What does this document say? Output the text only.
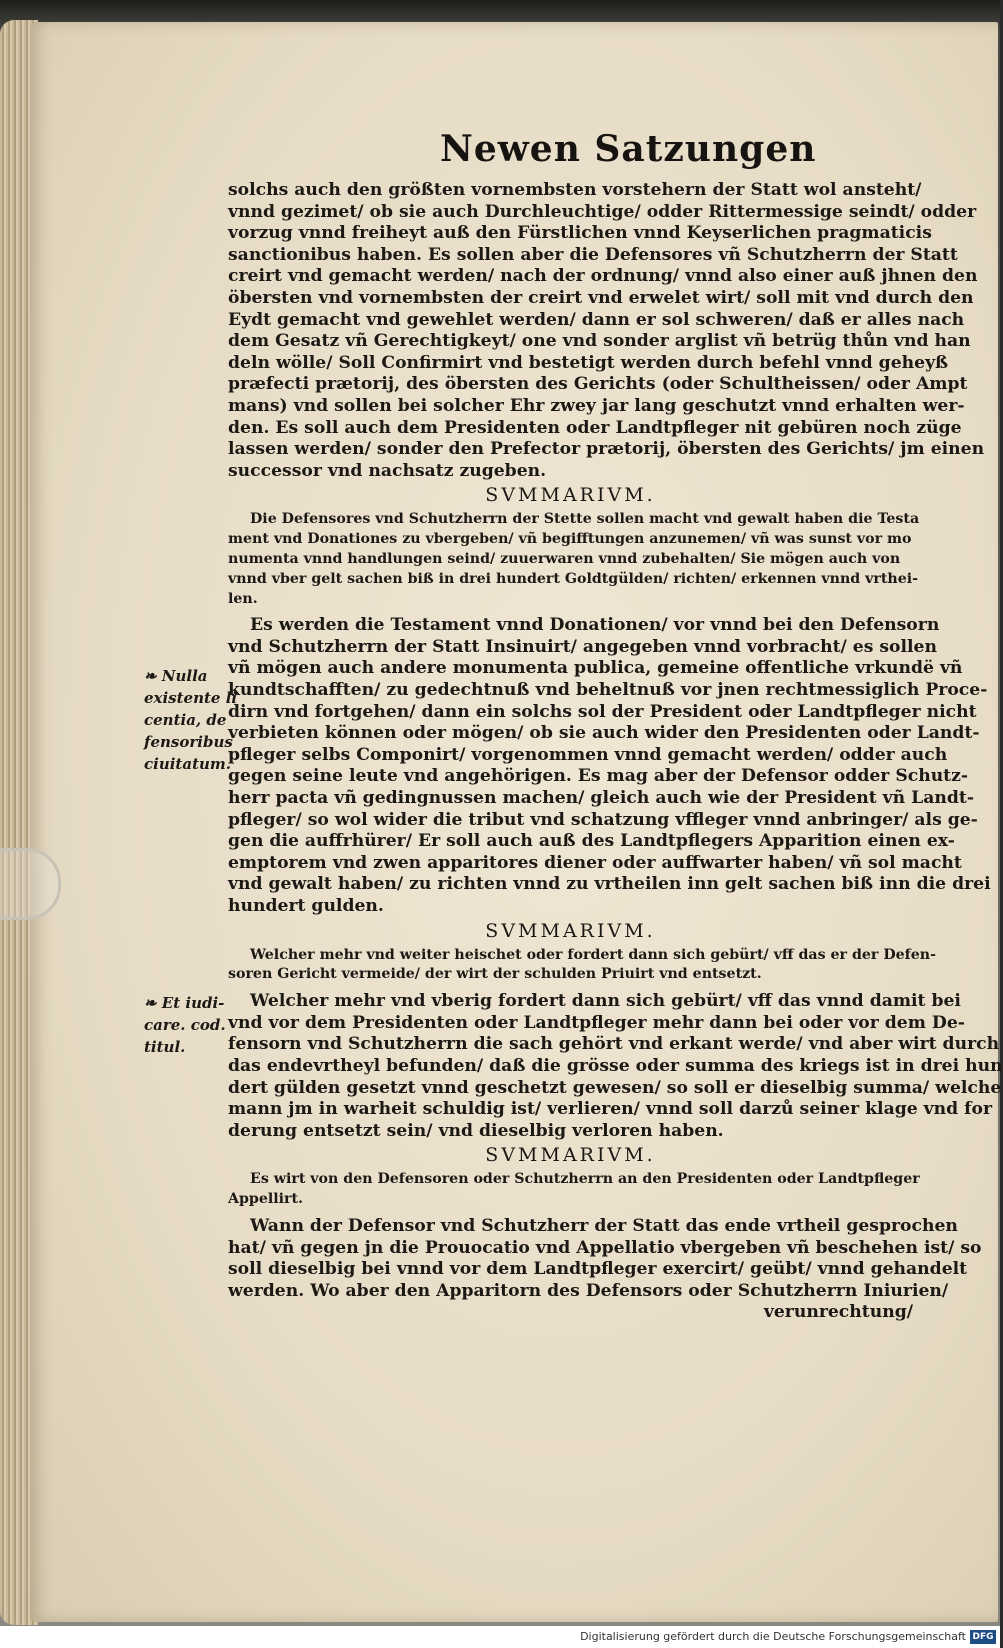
Newen Satzungen
solchs auch den größten vornembsten vorstehern der Statt wol ansteht/
vnnd gezimet/ ob sie auch Durchleuchtige/ odder Rittermessige seindt/ odder
vorzug vnnd freiheyt auß den Fürstlichen vnnd Keyserlichen pragmaticis
sanctionibus haben. Es sollen aber die Defensores vñ Schutzherrn der Statt
creirt vnd gemacht werden/ nach der ordnung/ vnnd also einer auß jhnen den
öbersten vnd vornembsten der creirt vnd erwelet wirt/ soll mit vnd durch den
Eydt gemacht vnd gewehlet werden/ dann er sol schweren/ daß er alles nach
dem Gesatz vñ Gerechtigkeyt/ one vnd sonder arglist vñ betrüg thůn vnd han
deln wölle/ Soll Confirmirt vnd bestetigt werden durch befehl vnnd geheyß
præfecti prætorij, des öbersten des Gerichts (oder Schultheissen/ oder Ampt
mans) vnd sollen bei solcher Ehr zwey jar lang geschutzt vnnd erhalten wer-
den. Es soll auch dem Presidenten oder Landtpfleger nit gebüren noch züge
lassen werden/ sonder den Prefector prætorij, öbersten des Gerichts/ jm einen
successor vnd nachsatz zugeben.
SVMMARIVM.
Die Defensores vnd Schutzherrn der Stette sollen macht vnd gewalt haben die Testa
ment vnd Donationes zu vbergeben/ vñ begifftungen anzunemen/ vñ was sunst vor mo
numenta vnnd handlungen seind/ zuuerwaren vnnd zubehalten/ Sie mögen auch von
vnnd vber gelt sachen biß in drei hundert Goldtgülden/ richten/ erkennen vnnd vrthei-
len.
Es werden die Testament vnnd Donationen/ vor vnnd bei den Defensorn
vnd Schutzherrn der Statt Insinuirt/ angegeben vnnd vorbracht/ es sollen
vñ mögen auch andere monumenta publica, gemeine offentliche vrkundë vñ
kundtschafften/ zu gedechtnuß vnd beheltnuß vor jnen rechtmessiglich Proce-
dirn vnd fortgehen/ dann ein solchs sol der President oder Landtpfleger nicht
verbieten können oder mögen/ ob sie auch wider den Presidenten oder Landt-
pfleger selbs Componirt/ vorgenommen vnnd gemacht werden/ odder auch
gegen seine leute vnd angehörigen. Es mag aber der Defensor odder Schutz-
herr pacta vñ gedingnussen machen/ gleich auch wie der President vñ Landt-
pfleger/ so wol wider die tribut vnd schatzung vffleger vnnd anbringer/ als ge-
gen die auffrhürer/ Er soll auch auß des Landtpflegers Apparition einen ex-
emptorem vnd zwen apparitores diener oder auffwarter haben/ vñ sol macht
vnd gewalt haben/ zu richten vnnd zu vrtheilen inn gelt sachen biß inn die drei
hundert gulden.
SVMMARIVM.
Welcher mehr vnd weiter heischet oder fordert dann sich gebürt/ vff das er der Defen-
soren Gericht vermeide/ der wirt der schulden Priuirt vnd entsetzt.
Welcher mehr vnd vberig fordert dann sich gebürt/ vff das vnnd damit bei
vnd vor dem Presidenten oder Landtpfleger mehr dann bei oder vor dem De-
fensorn vnd Schutzherrn die sach gehört vnd erkant werde/ vnd aber wirt durch
das endevrtheyl befunden/ daß die grösse oder summa des kriegs ist in drei hun
dert gülden gesetzt vnnd geschetzt gewesen/ so soll er dieselbig summa/ welche
mann jm in warheit schuldig ist/ verlieren/ vnnd soll darzů seiner klage vnd for
derung entsetzt sein/ vnd dieselbig verloren haben.
SVMMARIVM.
Es wirt von den Defensoren oder Schutzherrn an den Presidenten oder Landtpfleger
Appellirt.
Wann der Defensor vnd Schutzherr der Statt das ende vrtheil gesprochen
hat/ vñ gegen jn die Prouocatio vnd Appellatio vbergeben vñ beschehen ist/ so
soll dieselbig bei vnnd vor dem Landtpfleger exercirt/ geübt/ vnnd gehandelt
werden. Wo aber den Apparitorn des Defensors oder Schutzherrn Iniurien/
verunrechtung/
❧ Nulla
existente li
centia, de
fensoribus
ciuitatum.
❧ Et iudi-
care. cod.
titul.
Digitalisierung gefördert durch die Deutsche Forschungsgemeinschaft DFG
